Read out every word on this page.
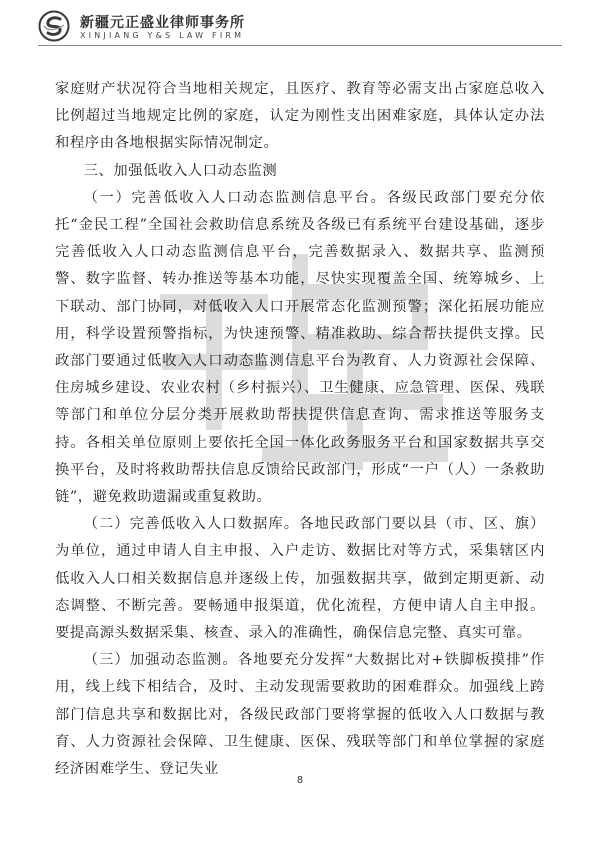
新疆元正盛业律师事务所
XINJIANG Y&S LAW FIRM

家庭财产状况符合当地相关规定，且医疗、教育等必需支出占家庭总收入比例超过当地规定比例的家庭，认定为刚性支出困难家庭，具体认定办法和程序由各地根据实际情况制定。

三、加强低收入人口动态监测

（一）完善低收入人口动态监测信息平台。各级民政部门要充分依托“金民工程”全国社会救助信息系统及各级已有系统平台建设基础，逐步完善低收入人口动态监测信息平台，完善数据录入、数据共享、监测预警、数字监督、转办推送等基本功能，尽快实现覆盖全国、统筹城乡、上下联动、部门协同，对低收入人口开展常态化监测预警；深化拓展功能应用，科学设置预警指标，为快速预警、精准救助、综合帮扶提供支撑。民政部门要通过低收入人口动态监测信息平台为教育、人力资源社会保障、住房城乡建设、农业农村（乡村振兴）、卫生健康、应急管理、医保、残联等部门和单位分层分类开展救助帮扶提供信息查询、需求推送等服务支持。各相关单位原则上要依托全国一体化政务服务平台和国家数据共享交换平台，及时将救助帮扶信息反馈给民政部门，形成“一户（人）一条救助链”，避免救助遗漏或重复救助。

（二）完善低收入人口数据库。各地民政部门要以县（市、区、旗）为单位，通过申请人自主申报、入户走访、数据比对等方式，采集辖区内低收入人口相关数据信息并逐级上传，加强数据共享，做到定期更新、动态调整、不断完善。要畅通申报渠道，优化流程，方便申请人自主申报。要提高源头数据采集、核查、录入的准确性，确保信息完整、真实可靠。

（三）加强动态监测。各地要充分发挥“大数据比对+铁脚板摸排”作用，线上线下相结合，及时、主动发现需要救助的困难群众。加强线上跨部门信息共享和数据比对，各级民政部门要将掌握的低收入人口数据与教育、人力资源社会保障、卫生健康、医保、残联等部门和单位掌握的家庭经济困难学生、登记失业

8
